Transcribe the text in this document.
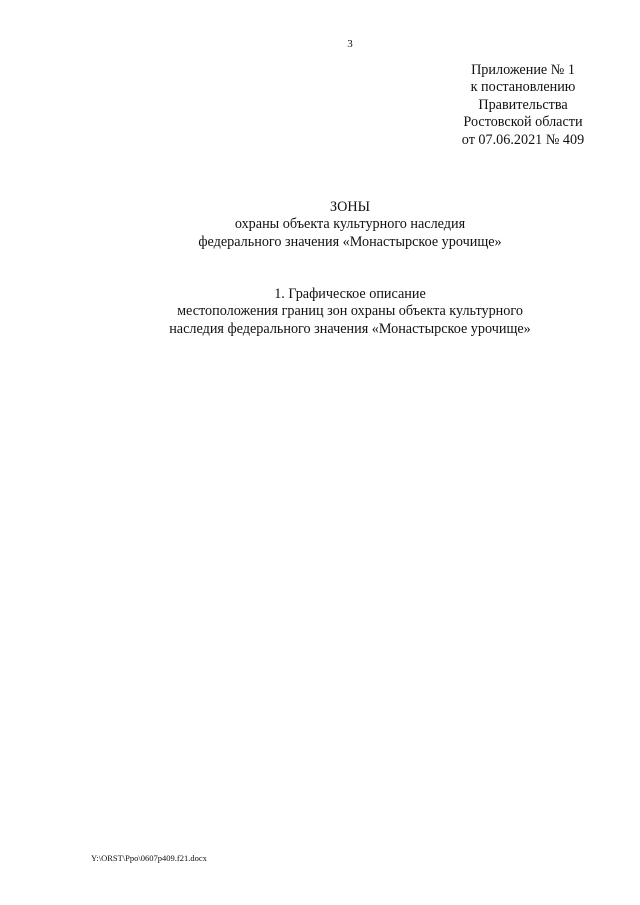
3
Приложение № 1
к постановлению
Правительства
Ростовской области
от 07.06.2021 № 409
ЗОНЫ
охраны объекта культурного наследия
федерального значения «Монастырское урочище»
1. Графическое описание
местоположения границ зон охраны объекта культурного
наследия федерального значения «Монастырское урочище»
Y:\ORST\Ppo\0607p409.f21.docx
